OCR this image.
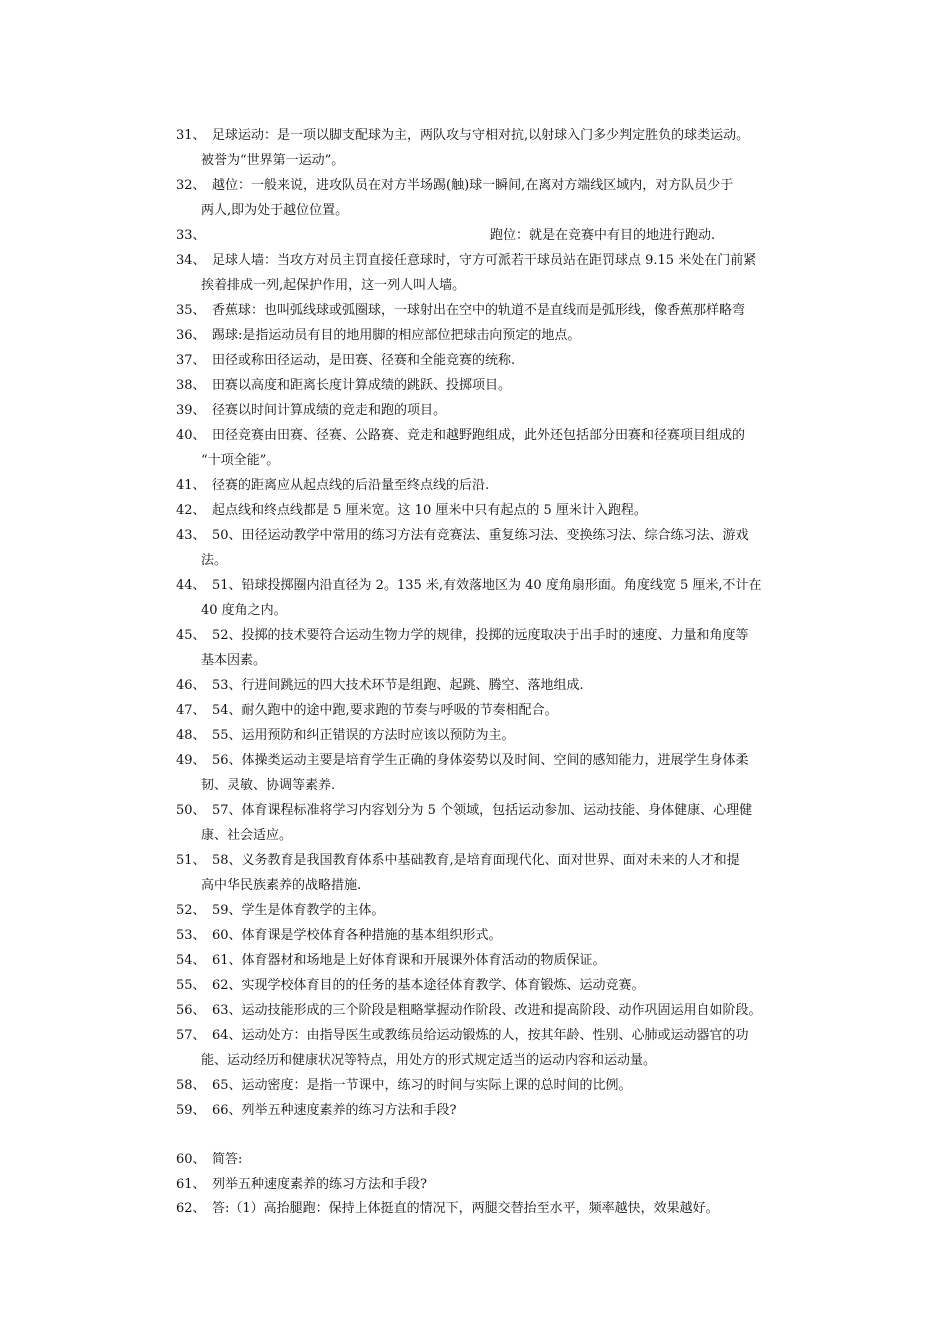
31、 足球运动：是一项以脚支配球为主，两队攻与守相对抗,以射球入门多少判定胜负的球类运动。
被誉为“世界第一运动”。
32、 越位：一般来说，进攻队员在对方半场踢(触)球一瞬间,在离对方端线区域内，对方队员少于
两人,即为处于越位位置。
33、	跑位：就是在竞赛中有目的地进行跑动.
34、 足球人墙：当攻方对员主罚直接任意球时，守方可派若干球员站在距罚球点 9.15 米处在门前紧
挨着排成一列,起保护作用，这一列人叫人墙。
35、 香蕉球：也叫弧线球或弧圈球，一球射出在空中的轨道不是直线而是弧形线，像香蕉那样略弯
36、 踢球:是指运动员有目的地用脚的相应部位把球击向预定的地点。
37、 田径或称田径运动，是田赛、径赛和全能竞赛的统称.
38、 田赛以高度和距离长度计算成绩的跳跃、投掷项目。
39、 径赛以时间计算成绩的竞走和跑的项目。
40、 田径竞赛由田赛、径赛、公路赛、竞走和越野跑组成，此外还包括部分田赛和径赛项目组成的
“十项全能”。
41、 径赛的距离应从起点线的后沿量至终点线的后沿.
42、 起点线和终点线都是 5 厘米宽。这 10 厘米中只有起点的 5 厘米计入跑程。
43、 50、田径运动教学中常用的练习方法有竞赛法、重复练习法、变换练习法、综合练习法、游戏
法。
44、 51、铅球投掷圈内沿直径为 2。135 米,有效落地区为 40 度角扇形面。角度线宽 5 厘米,不计在
40 度角之内。
45、 52、投掷的技术要符合运动生物力学的规律，投掷的远度取决于出手时的速度、力量和角度等
基本因素。
46、 53、行进间跳远的四大技术环节是组跑、起跳、腾空、落地组成.
47、 54、耐久跑中的途中跑,要求跑的节奏与呼吸的节奏相配合。
48、 55、运用预防和纠正错误的方法时应该以预防为主。
49、 56、体操类运动主要是培育学生正确的身体姿势以及时间、空间的感知能力，进展学生身体柔
韧、灵敏、协调等素养.
50、 57、体育课程标准将学习内容划分为 5 个领域，包括运动参加、运动技能、身体健康、心理健
康、社会适应。
51、 58、义务教育是我国教育体系中基础教育,是培育面现代化、面对世界、面对未来的人才和提
高中华民族素养的战略措施.
52、 59、学生是体育教学的主体。
53、 60、体育课是学校体育各种措施的基本组织形式。
54、 61、体育器材和场地是上好体育课和开展课外体育活动的物质保证。
55、 62、实现学校体育目的的任务的基本途径体育教学、体育锻炼、运动竞赛。
56、 63、运动技能形成的三个阶段是粗略掌握动作阶段、改进和提高阶段、动作巩固运用自如阶段。
57、 64、运动处方：由指导医生或教练员给运动锻炼的人，按其年龄、性别、心肺或运动器官的功
能、运动经历和健康状况等特点，用处方的形式规定适当的运动内容和运动量。
58、 65、运动密度：是指一节课中，练习的时间与实际上课的总时间的比例。
59、 66、列举五种速度素养的练习方法和手段?
60、 简答:
61、 列举五种速度素养的练习方法和手段?
62、 答:（1）高抬腿跑：保持上体挺直的情况下，两腿交替抬至水平，频率越快，效果越好。
